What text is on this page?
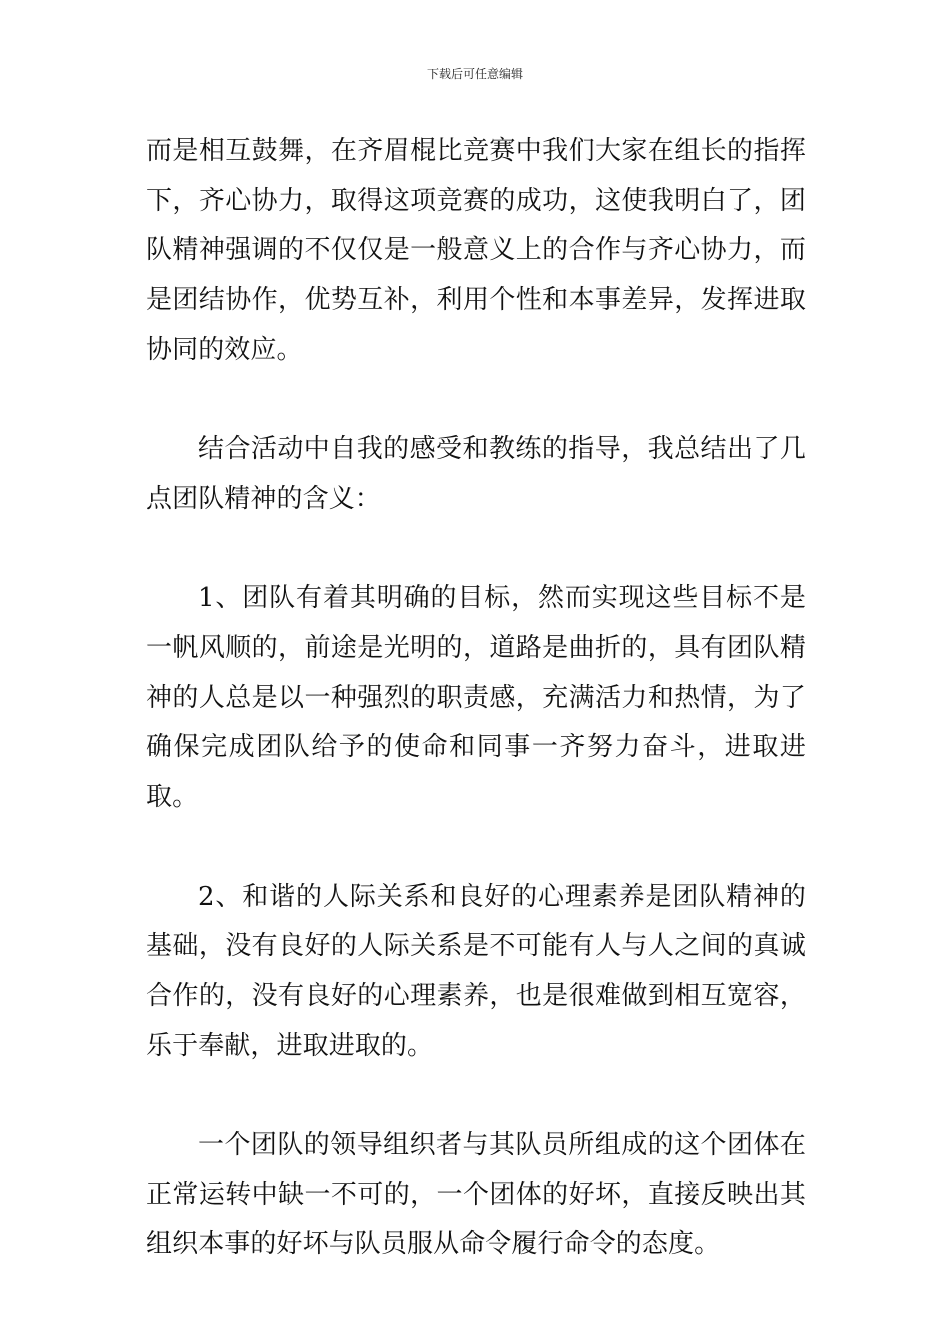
下载后可任意编辑

而是相互鼓舞，在齐眉棍比竞赛中我们大家在组长的指挥下，齐心协力，取得这项竞赛的成功，这使我明白了，团队精神强调的不仅仅是一般意义上的合作与齐心协力，而是团结协作，优势互补，利用个性和本事差异，发挥进取协同的效应。

结合活动中自我的感受和教练的指导，我总结出了几点团队精神的含义：

1、团队有着其明确的目标，然而实现这些目标不是一帆风顺的，前途是光明的，道路是曲折的，具有团队精神的人总是以一种强烈的职责感，充满活力和热情，为了确保完成团队给予的使命和同事一齐努力奋斗，进取进取。

2、和谐的人际关系和良好的心理素养是团队精神的基础，没有良好的人际关系是不可能有人与人之间的真诚合作的，没有良好的心理素养，也是很难做到相互宽容，乐于奉献，进取进取的。

一个团队的领导组织者与其队员所组成的这个团体在正常运转中缺一不可的，一个团体的好坏，直接反映出其组织本事的好坏与队员服从命令履行命令的态度。
